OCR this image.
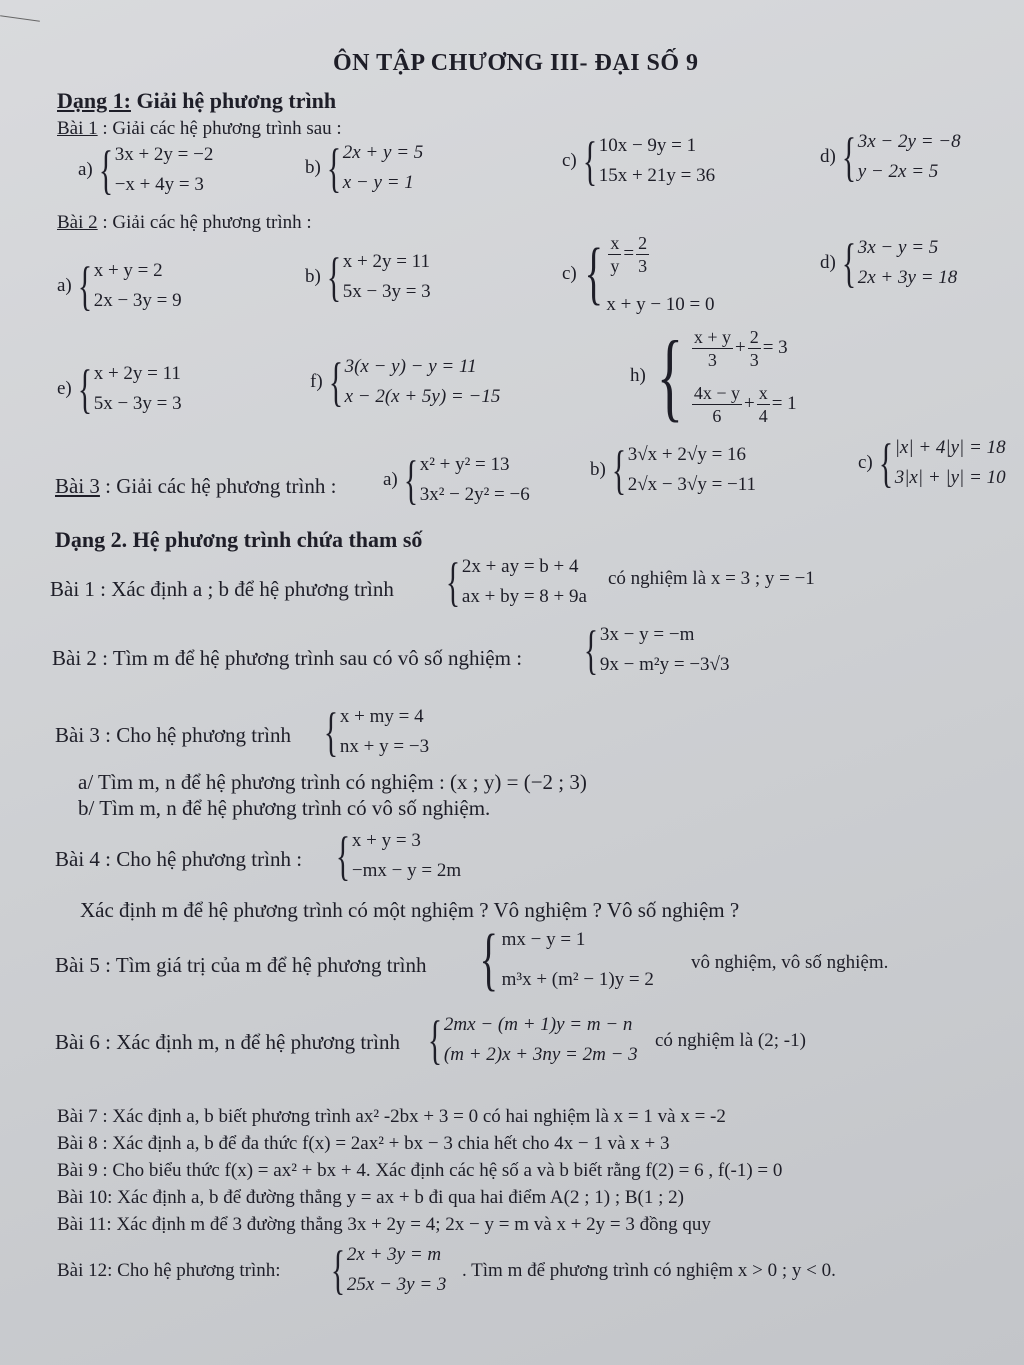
ÔN TẬP CHƯƠNG III- ĐẠI SỐ 9
Dạng 1: Giải hệ phương trình
Bài 1 : Giải các hệ phương trình sau :
a) { 3x + 2y = −2
−x + 4y = 3
b) { 2x + y = 5
x − y = 1
c) { 10x − 9y = 1
15x + 21y = 36
d) { 3x − 2y = −8
y − 2x = 5
Bài 2 : Giải các hệ phương trình :
a) { x + y = 2
2x − 3y = 9
b) { x + 2y = 11
5x − 3y = 3
c) { $\frac{x}{y} = \frac{2}{3}$
x + y − 10 = 0
d) { 3x − y = 5
2x + 3y = 18
e) { x + 2y = 11
5x − 3y = 3
f) { 3(x − y) − y = 11
x − 2(x + 5y) = −15
h) { $\frac{x + y}{3} + \frac{2}{3} = 3$
$\frac{4x - y}{6} + \frac{x}{4} = 1$
Bài 3 : Giải các hệ phương trình : a) { x² + y² = 13
3x² − 2y² = −6
b) { 3√x + 2√y = 16
2√x − 3√y = −11
c) { |x| + 4|y| = 18
3|x| + |y| = 10
Dạng 2. Hệ phương trình chứa tham số
Bài 1 : Xác định a ; b để hệ phương trình { 2x + ay = b + 4
ax + by = 8 + 9a
có nghiệm là x = 3 ; y = −1
Bài 2 : Tìm m để hệ phương trình sau có vô số nghiệm : { 3x − y = −m
9x − m²y = −3√3
Bài 3 : Cho hệ phương trình { x + my = 4
nx + y = −3
a/ Tìm m, n để hệ phương trình có nghiệm : (x ; y) = (−2 ; 3)
b/ Tìm m, n để hệ phương trình có vô số nghiệm.
Bài 4 : Cho hệ phương trình : { x + y = 3
−mx − y = 2m
Xác định m để hệ phương trình có một nghiệm ? Vô nghiệm ? Vô số nghiệm ?
Bài 5 : Tìm giá trị của m để hệ phương trình { mx − y = 1
m³x + (m² − 1)y = 2
vô nghiệm, vô số nghiệm.
Bài 6 : Xác định m, n để hệ phương trình { 2mx − (m + 1)y = m − n
(m + 2)x + 3ny = 2m − 3
có nghiệm là (2; -1)
Bài 7 : Xác định a, b biết phương trình ax² -2bx + 3 = 0 có hai nghiệm là x = 1 và x = -2
Bài 8 : Xác định a, b để đa thức f(x) = 2ax² + bx − 3 chia hết cho 4x − 1 và x + 3
Bài 9 : Cho biểu thức f(x) = ax² + bx + 4. Xác định các hệ số a và b biết rằng f(2) = 6 , f(-1) = 0
Bài 10: Xác định a, b để đường thẳng y = ax + b đi qua hai điểm A(2 ; 1) ; B(1 ; 2)
Bài 11: Xác định m để 3 đường thẳng 3x + 2y = 4; 2x − y = m và x + 2y = 3 đồng quy
Bài 12: Cho hệ phương trình: { 2x + 3y = m
25x − 3y = 3
. Tìm m để phương trình có nghiệm x > 0 ; y < 0.
